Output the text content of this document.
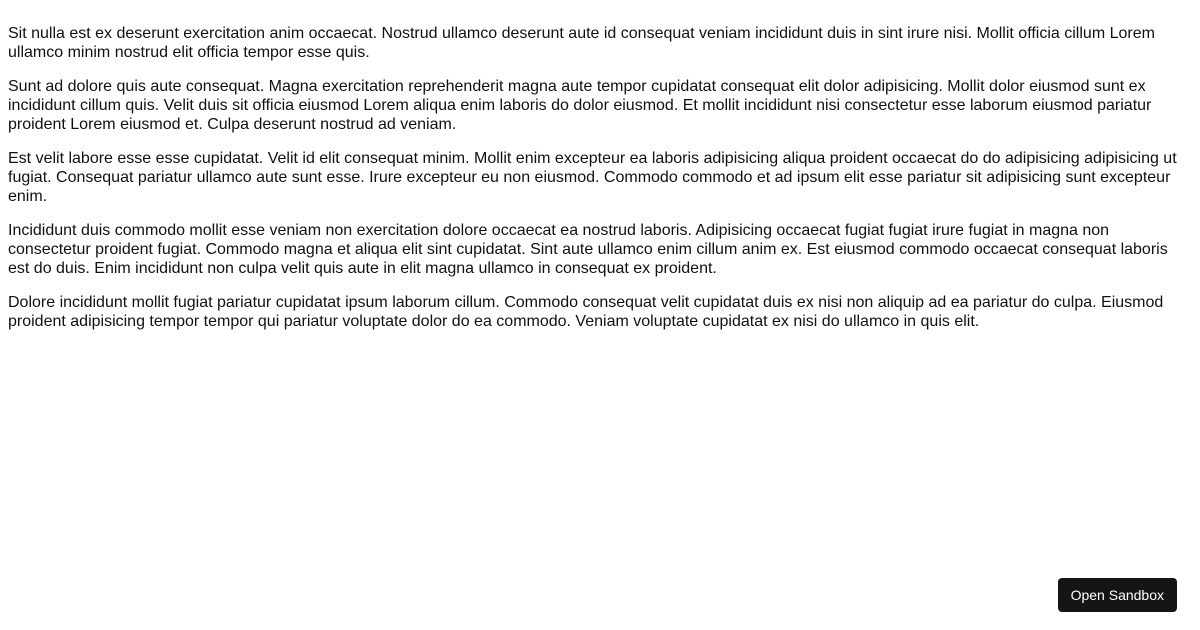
Sit nulla est ex deserunt exercitation anim occaecat. Nostrud ullamco deserunt aute id consequat veniam incididunt duis in sint irure nisi. Mollit officia cillum Lorem ullamco minim nostrud elit officia tempor esse quis.

Sunt ad dolore quis aute consequat. Magna exercitation reprehenderit magna aute tempor cupidatat consequat elit dolor adipisicing. Mollit dolor eiusmod sunt ex incididunt cillum quis. Velit duis sit officia eiusmod Lorem aliqua enim laboris do dolor eiusmod. Et mollit incididunt nisi consectetur esse laborum eiusmod pariatur proident Lorem eiusmod et. Culpa deserunt nostrud ad veniam.

Est velit labore esse esse cupidatat. Velit id elit consequat minim. Mollit enim excepteur ea laboris adipisicing aliqua proident occaecat do do adipisicing adipisicing ut fugiat. Consequat pariatur ullamco aute sunt esse. Irure excepteur eu non eiusmod. Commodo commodo et ad ipsum elit esse pariatur sit adipisicing sunt excepteur enim.

Incididunt duis commodo mollit esse veniam non exercitation dolore occaecat ea nostrud laboris. Adipisicing occaecat fugiat fugiat irure fugiat in magna non consectetur proident fugiat. Commodo magna et aliqua elit sint cupidatat. Sint aute ullamco enim cillum anim ex. Est eiusmod commodo occaecat consequat laboris est do duis. Enim incididunt non culpa velit quis aute in elit magna ullamco in consequat ex proident.

Dolore incididunt mollit fugiat pariatur cupidatat ipsum laborum cillum. Commodo consequat velit cupidatat duis ex nisi non aliquip ad ea pariatur do culpa. Eiusmod proident adipisicing tempor tempor qui pariatur voluptate dolor do ea commodo. Veniam voluptate cupidatat ex nisi do ullamco in quis elit.

Open Sandbox
